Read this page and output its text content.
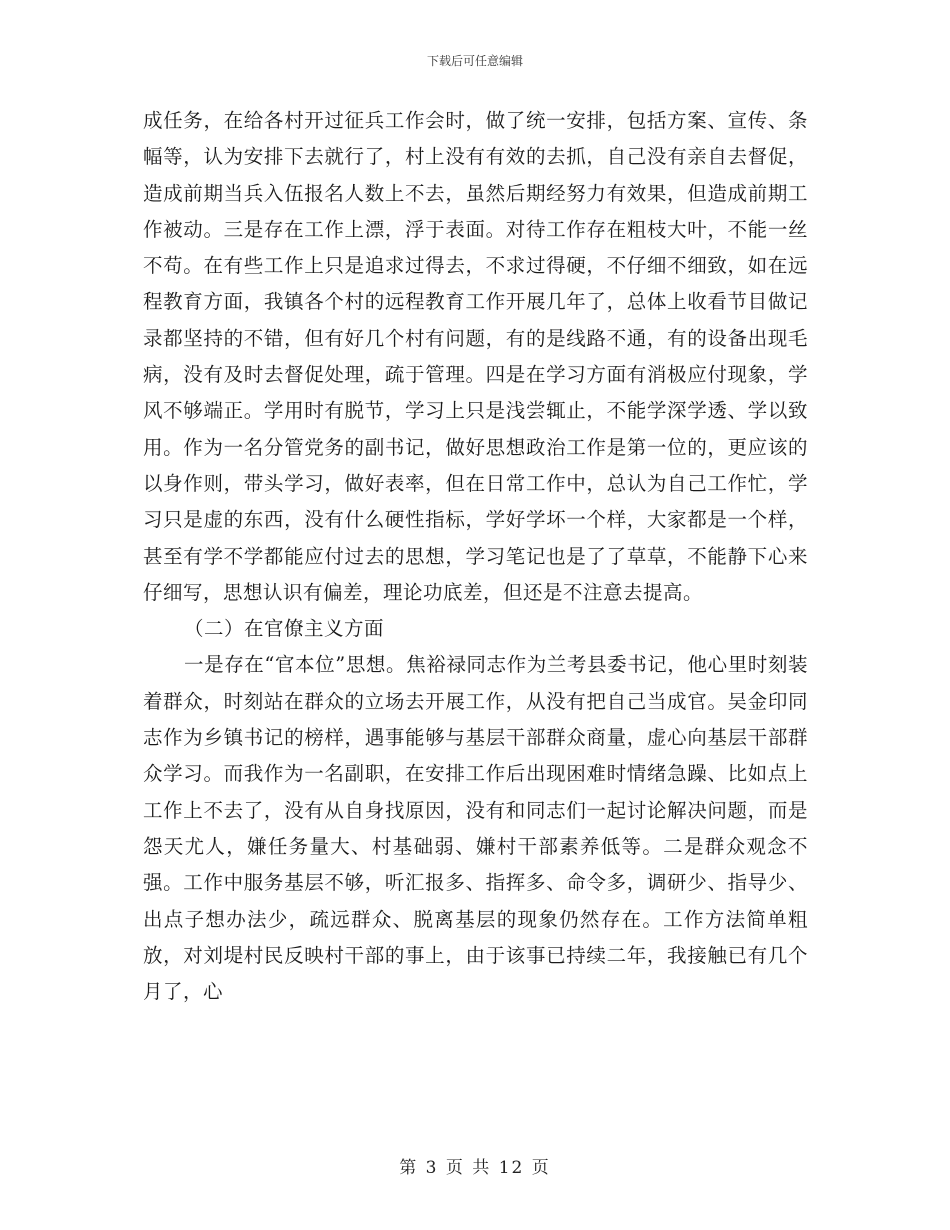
下载后可任意编辑

成任务，在给各村开过征兵工作会时，做了统一安排，包括方案、宣传、条幅等，认为安排下去就行了，村上没有有效的去抓，自己没有亲自去督促，造成前期当兵入伍报名人数上不去，虽然后期经努力有效果，但造成前期工作被动。三是存在工作上漂，浮于表面。对待工作存在粗枝大叶，不能一丝不苟。在有些工作上只是追求过得去，不求过得硬，不仔细不细致，如在远程教育方面，我镇各个村的远程教育工作开展几年了，总体上收看节目做记录都坚持的不错，但有好几个村有问题，有的是线路不通，有的设备出现毛病，没有及时去督促处理，疏于管理。四是在学习方面有消极应付现象，学风不够端正。学用时有脱节，学习上只是浅尝辄止，不能学深学透、学以致用。作为一名分管党务的副书记，做好思想政治工作是第一位的，更应该的以身作则，带头学习，做好表率，但在日常工作中，总认为自己工作忙，学习只是虚的东西，没有什么硬性指标，学好学坏一个样，大家都是一个样，甚至有学不学都能应付过去的思想，学习笔记也是了了草草，不能静下心来仔细写，思想认识有偏差，理论功底差，但还是不注意去提高。

（二）在官僚主义方面

一是存在“官本位”思想。焦裕禄同志作为兰考县委书记，他心里时刻装着群众，时刻站在群众的立场去开展工作，从没有把自己当成官。吴金印同志作为乡镇书记的榜样，遇事能够与基层干部群众商量，虚心向基层干部群众学习。而我作为一名副职，在安排工作后出现困难时情绪急躁、比如点上工作上不去了，没有从自身找原因，没有和同志们一起讨论解决问题，而是怨天尤人，嫌任务量大、村基础弱、嫌村干部素养低等。二是群众观念不强。工作中服务基层不够，听汇报多、指挥多、命令多，调研少、指导少、出点子想办法少，疏远群众、脱离基层的现象仍然存在。工作方法简单粗放，对刘堤村民反映村干部的事上，由于该事已持续二年，我接触已有几个月了，心

第 3 页 共 12 页
